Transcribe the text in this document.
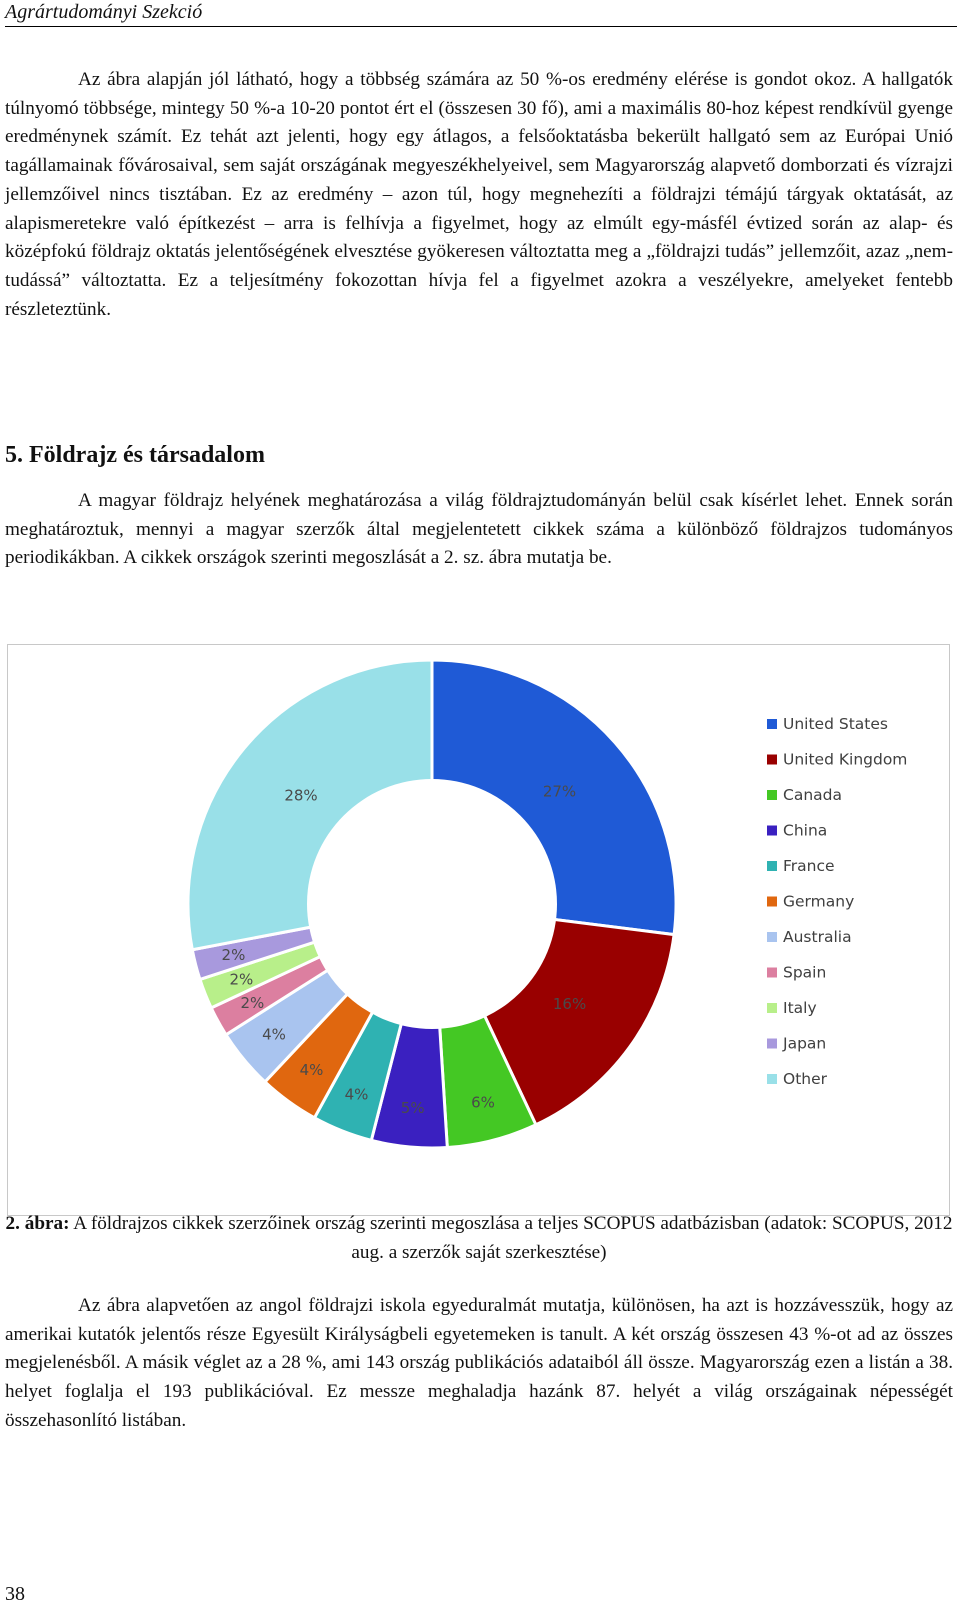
Agrártudományi Szekció

Az ábra alapján jól látható, hogy a többség számára az 50 %-os eredmény elérése is gondot okoz. A hallgatók túlnyomó többsége, mintegy 50 %-a 10-20 pontot ért el (összesen 30 fő), ami a maximális 80-hoz képest rendkívül gyenge eredménynek számít. Ez tehát azt jelenti, hogy egy átlagos, a felsőoktatásba bekerült hallgató sem az Európai Unió tagállamainak fővárosaival, sem saját országának megyeszékhelyeivel, sem Magyarország alapvető domborzati és vízrajzi jellemzőivel nincs tisztában. Ez az eredmény – azon túl, hogy megnehezíti a földrajzi témájú tárgyak oktatását, az alapismeretekre való építkezést – arra is felhívja a figyelmet, hogy az elmúlt egy-másfél évtized során az alap- és középfokú földrajz oktatás jelentőségének elvesztése gyökeresen változtatta meg a „földrajzi tudás” jellemzőit, azaz „nem-tudássá” változtatta. Ez a teljesítmény fokozottan hívja fel a figyelmet azokra a veszélyekre, amelyeket fentebb részleteztünk.

5. Földrajz és társadalom

A magyar földrajz helyének meghatározása a világ földrajztudományán belül csak kísérlet lehet. Ennek során meghatároztuk, mennyi a magyar szerzők által megjelentetett cikkek száma a különböző földrajzos tudományos periodikákban. A cikkek országok szerinti megoszlását a 2. sz. ábra mutatja be.

27%
16%
6%
5%
4%
4%
4%
2%
2%
2%
28%
United States
United Kingdom
Canada
China
France
Germany
Australia
Spain
Italy
Japan
Other

2. ábra: A földrajzos cikkek szerzőinek ország szerinti megoszlása a teljes SCOPUS adatbázisban (adatok: SCOPUS, 2012 aug. a szerzők saját szerkesztése)

Az ábra alapvetően az angol földrajzi iskola egyeduralmát mutatja, különösen, ha azt is hozzávesszük, hogy az amerikai kutatók jelentős része Egyesült Királyságbeli egyetemeken is tanult. A két ország összesen 43 %-ot ad az összes megjelenésből. A másik véglet az a 28 %, ami 143 ország publikációs adataiból áll össze. Magyarország ezen a listán a 38. helyet foglalja el 193 publikációval. Ez messze meghaladja hazánk 87. helyét a világ országainak népességét összehasonlító listában.

38
